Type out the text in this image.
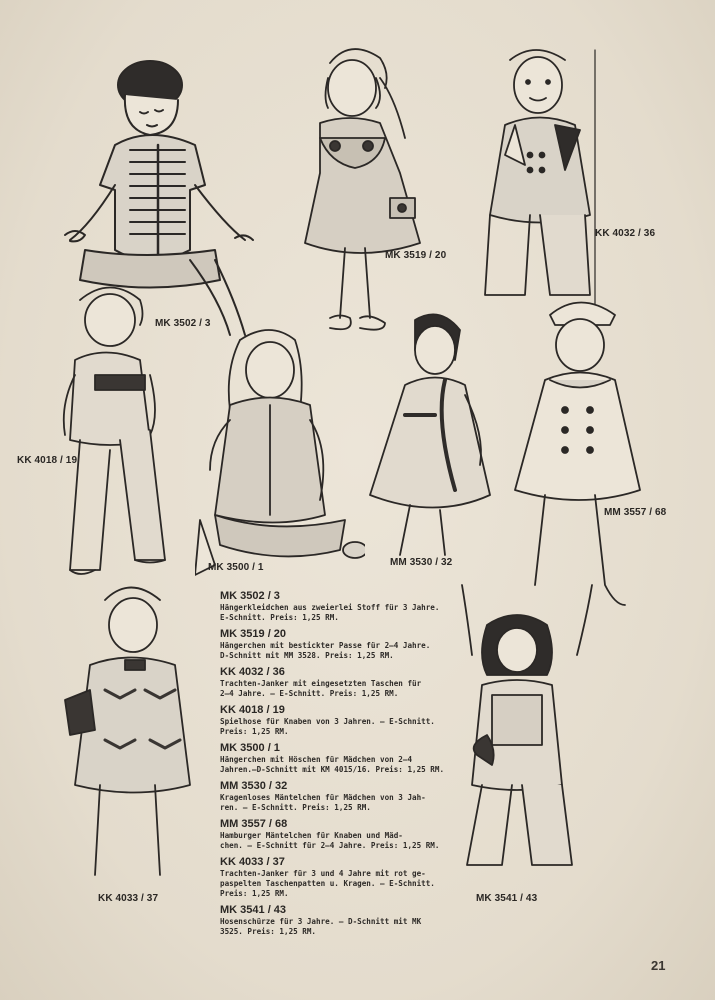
MK 3502 / 3
MK 3519 / 20
KK 4032 / 36
KK 4018 / 19
MK 3500 / 1	MM 3530 / 32
MM 3557 / 68
KK 4033 / 37	MK 3541 / 43
MK 3502 / 3
Hängerkleidchen aus zweierlei Stoff für 3 Jahre.
E-Schnitt. Preis: 1,25 RM.
MK 3519 / 20
Hängerchen mit bestickter Passe für 2—4 Jahre.
D-Schnitt mit MM 3528. Preis: 1,25 RM.
KK 4032 / 36
Trachten-Janker mit eingesetzten Taschen für
2—4 Jahre. — E-Schnitt. Preis: 1,25 RM.
KK 4018 / 19
Spielhose für Knaben von 3 Jahren. — E-Schnitt.
Preis: 1,25 RM.
MK 3500 / 1
Hängerchen mit Höschen für Mädchen von 2—4
Jahren.—D-Schnitt mit KM 4015/16. Preis: 1,25 RM.
MM 3530 / 32
Kragenloses Mäntelchen für Mädchen von 3 Jah-
ren. — E-Schnitt. Preis: 1,25 RM.
MM 3557 / 68
Hamburger Mäntelchen für Knaben und Mäd-
chen. — E-Schnitt für 2—4 Jahre. Preis: 1,25 RM.
KK 4033 / 37
Trachten-Janker für 3 und 4 Jahre mit rot ge-
paspelten Taschenpatten u. Kragen. — E-Schnitt.
Preis: 1,25 RM.
MK 3541 / 43
Hosenschürze für 3 Jahre. — D-Schnitt mit MK
3525. Preis: 1,25 RM.
21
